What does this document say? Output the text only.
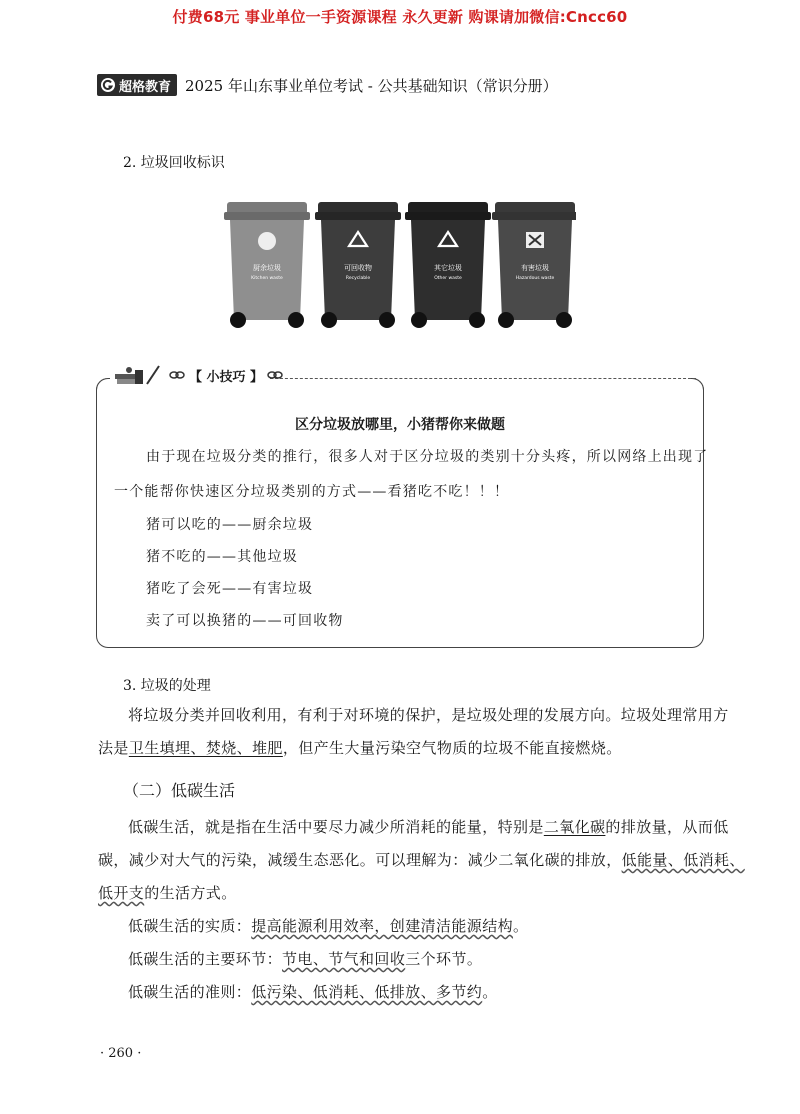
付费68元 事业单位一手资源课程 永久更新 购课请加微信:Cncc60
超格教育 2025 年山东事业单位考试 - 公共基础知识（常识分册）
2. 垃圾回收标识
厨余垃圾
Kitchen waste
可回收物
Recyclable
其它垃圾
Other waste
有害垃圾
Hazardous waste
【 小技巧 】
区分垃圾放哪里，小猪帮你来做题
由于现在垃圾分类的推行，很多人对于区分垃圾的类别十分头疼，所以网络上出现了
一个能帮你快速区分垃圾类别的方式——看猪吃不吃！！！
猪可以吃的——厨余垃圾
猪不吃的——其他垃圾
猪吃了会死——有害垃圾
卖了可以换猪的——可回收物
3. 垃圾的处理
将垃圾分类并回收利用，有利于对环境的保护，是垃圾处理的发展方向。垃圾处理常用方
法是卫生填埋、焚烧、堆肥，但产生大量污染空气物质的垃圾不能直接燃烧。
（二）低碳生活
低碳生活，就是指在生活中要尽力减少所消耗的能量，特别是二氧化碳的排放量，从而低
碳，减少对大气的污染，减缓生态恶化。可以理解为：减少二氧化碳的排放，低能量、低消耗、
低开支的生活方式。
低碳生活的实质：提高能源利用效率，创建清洁能源结构。
低碳生活的主要环节：节电、节气和回收三个环节。
低碳生活的准则：低污染、低消耗、低排放、多节约。
· 260 ·
